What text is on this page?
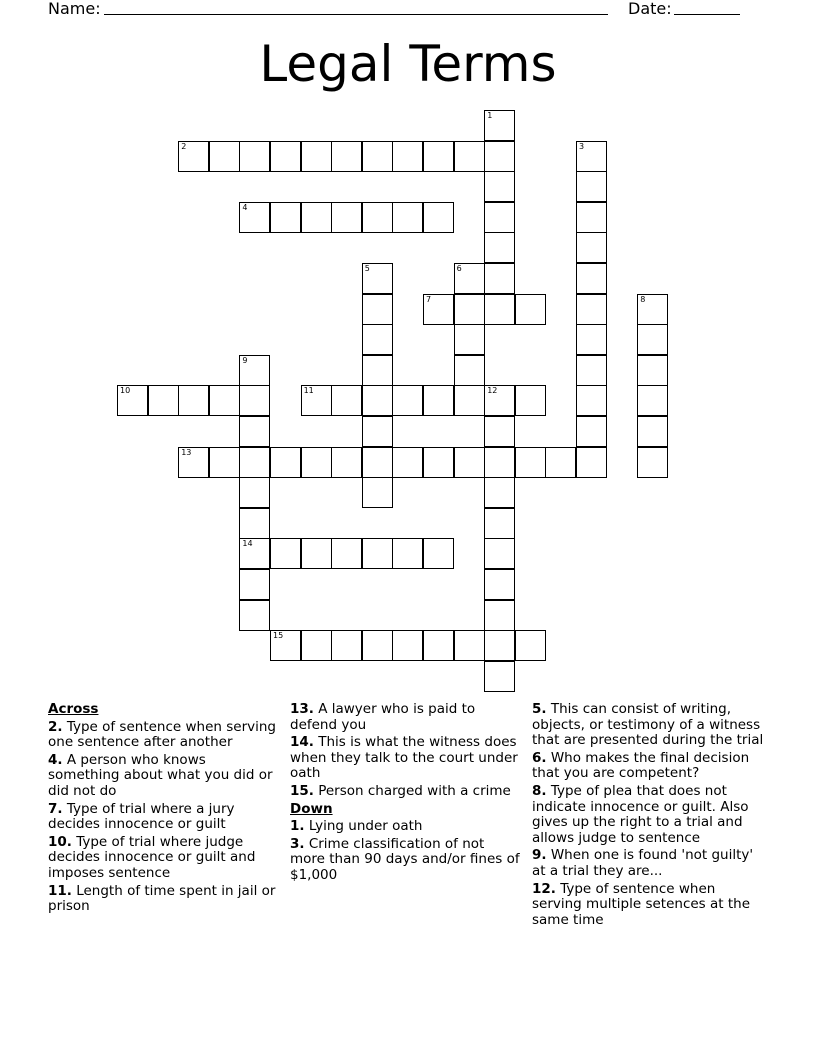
Name:	Date:
Legal Terms
1
2	3
4
5	6
7	8
9
14
10	11	12
13
15
Across
2. Type of sentence when serving one sentence after another
4. A person who knows something about what you did or did not do
7. Type of trial where a jury decides innocence or guilt
10. Type of trial where judge decides innocence or guilt and imposes sentence
11. Length of time spent in jail or prison
13. A lawyer who is paid to defend you
14. This is what the witness does when they talk to the court under oath
15. Person charged with a crime
Down
1. Lying under oath
3. Crime classification of not more than 90 days and/or fines of $1,000
5. This can consist of writing, objects, or testimony of a witness that are presented during the trial
6. Who makes the final decision that you are competent?
8. Type of plea that does not indicate innocence or guilt. Also gives up the right to a trial and allows judge to sentence
9. When one is found 'not guilty' at a trial they are...
12. Type of sentence when serving multiple setences at the same time
